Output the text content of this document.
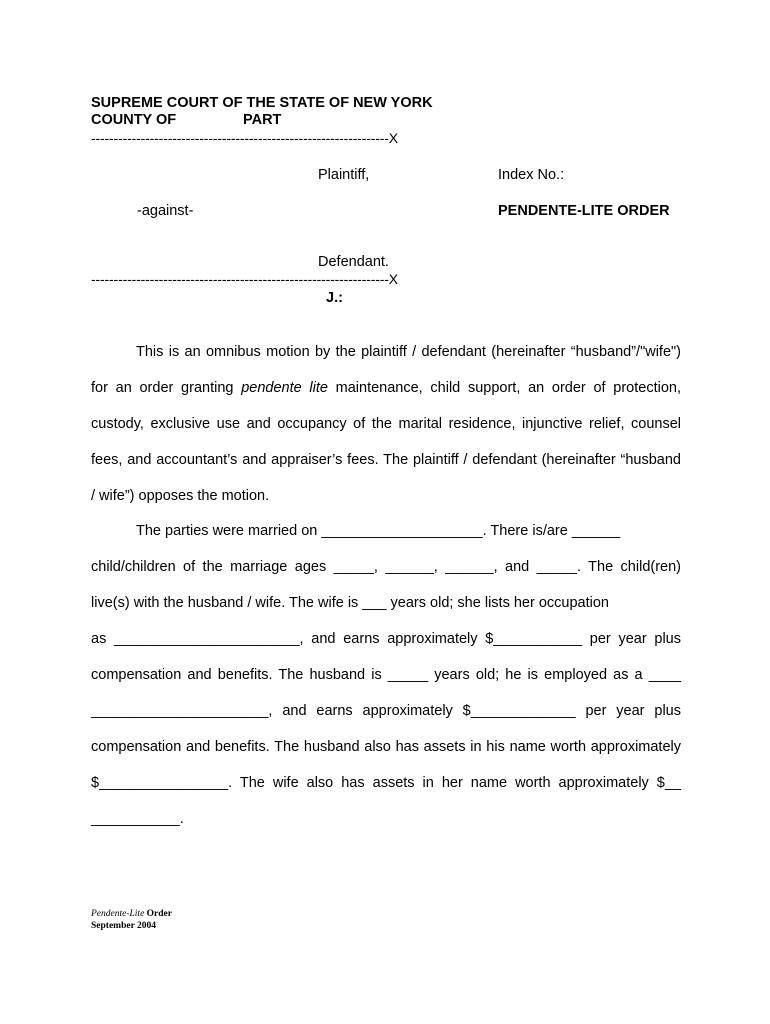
SUPREME COURT OF THE STATE OF NEW YORK
COUNTY OF	PART
------------------------------------------------------------------X
Plaintiff,	Index No.:
-against-	PENDENTE-LITE ORDER
Defendant.
------------------------------------------------------------------X
J.:
This is an omnibus motion by the plaintiff / defendant (hereinafter “husband”/"wife")
for an order granting pendente lite maintenance, child support, an order of protection,
custody, exclusive use and occupancy of the marital residence, injunctive relief, counsel
fees, and accountant’s and appraiser’s fees. The plaintiff / defendant (hereinafter “husband
/ wife”) opposes the motion.
The parties were married on ____________________. There is/are ______
child/children of the marriage ages _____, ______, ______, and _____. The child(ren)
live(s) with the husband / wife. The wife is ___ years old; she lists her occupation
as _______________________, and earns approximately $___________ per year plus
compensation and benefits. The husband is _____ years old; he is employed as a ____
______________________, and earns approximately $_____________ per year plus
compensation and benefits. The husband also has assets in his name worth approximately
$________________. The wife also has assets in her name worth approximately $__
___________.
Pendente-Lite Order
September 2004
